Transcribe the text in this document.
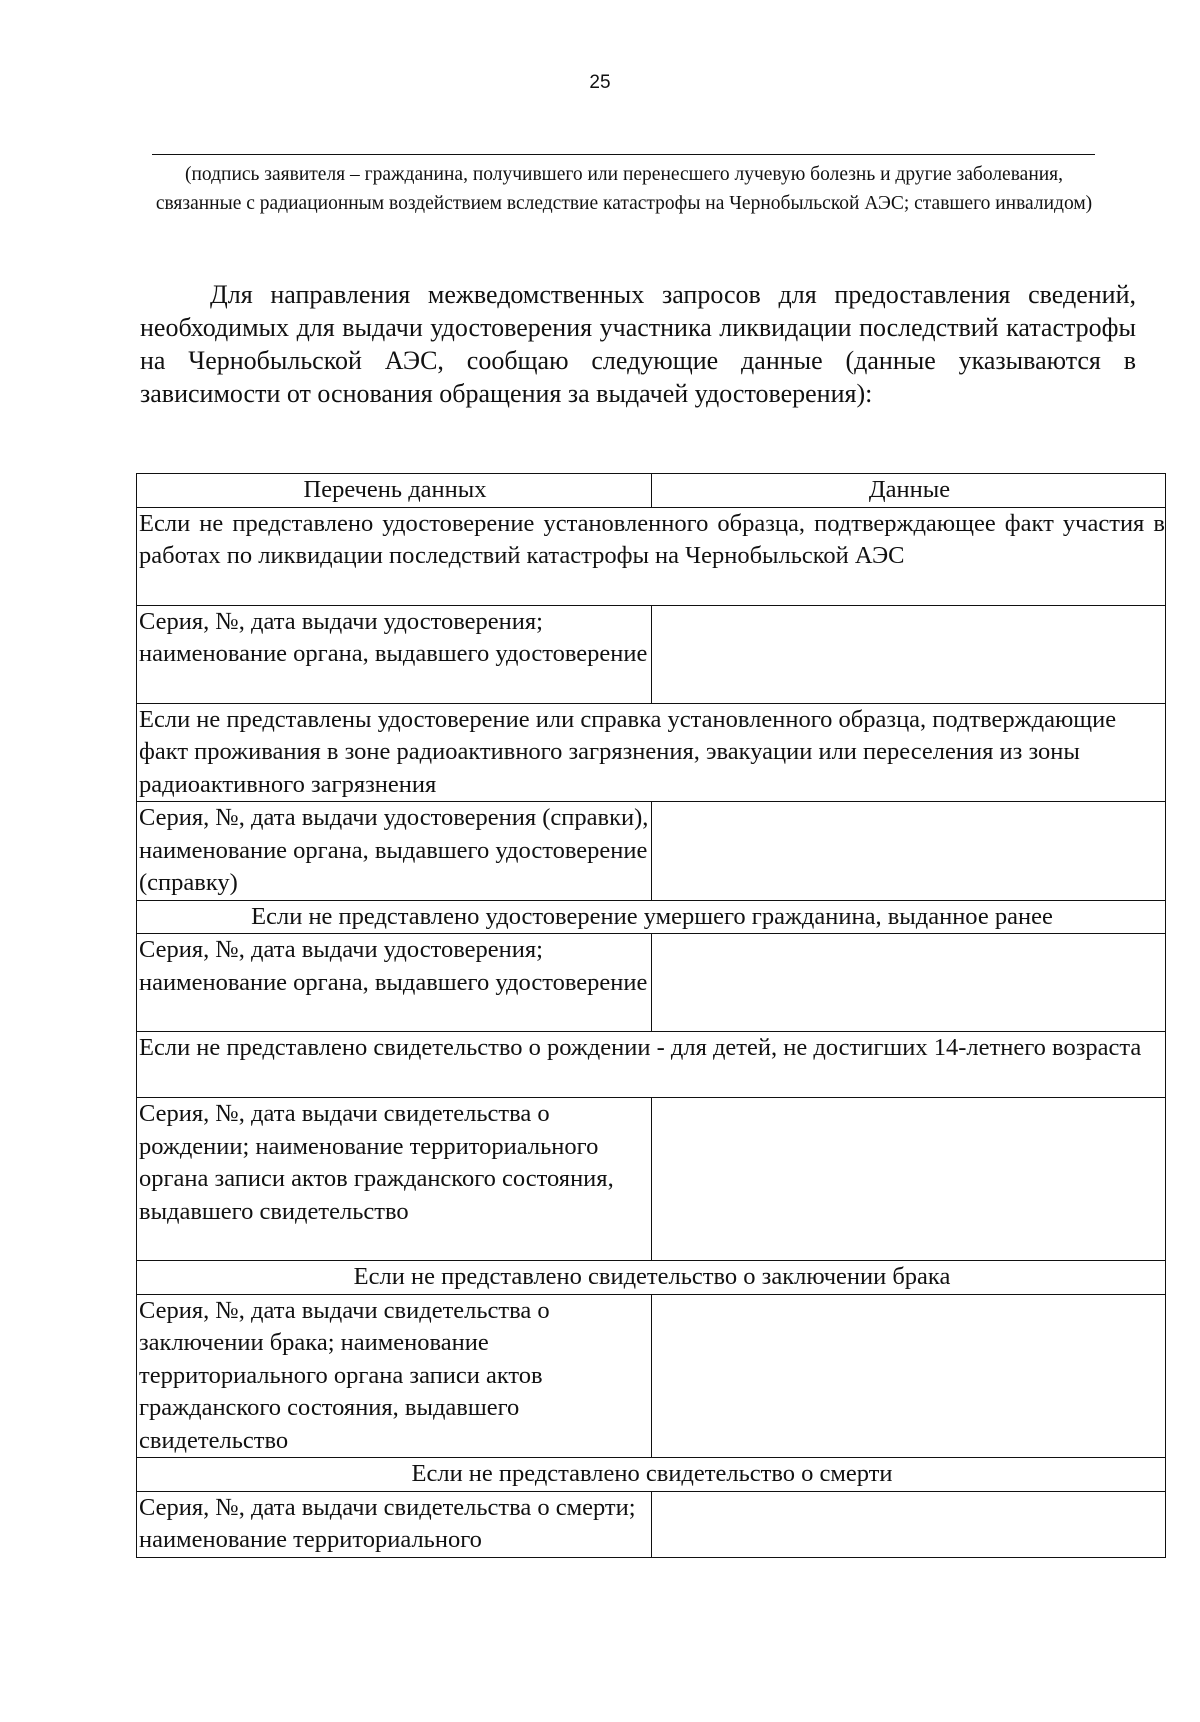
25
(подпись заявителя – гражданина, получившего или перенесшего лучевую болезнь и другие заболевания, связанные с радиационным воздействием вследствие катастрофы на Чернобыльской АЭС; ставшего инвалидом)

Для направления межведомственных запросов для предоставления сведений, необходимых для выдачи удостоверения участника ликвидации последствий катастрофы на Чернобыльской АЭС, сообщаю следующие данные (данные указываются в зависимости от основания обращения за выдачей удостоверения):

Перечень данных	Данные
Если не представлено удостоверение установленного образца, подтверждающее факт участия в работах по ликвидации последствий катастрофы на Чернобыльской АЭС	
Серия, №, дата выдачи удостоверения; наименование органа, выдавшего удостоверение	
Если не представлены удостоверение или справка установленного образца, подтверждающие факт проживания в зоне радиоактивного загрязнения, эвакуации или переселения из зоны радиоактивного загрязнения	
Серия, №, дата выдачи удостоверения (справки), наименование органа, выдавшего удостоверение (справку)	
Если не представлено удостоверение умершего гражданина, выданное ранее	
Серия, №, дата выдачи удостоверения; наименование органа, выдавшего удостоверение	
Если не представлено свидетельство о рождении - для детей, не достигших 14-летнего возраста	
Серия, №, дата выдачи свидетельства о рождении; наименование территориального органа записи актов гражданского состояния, выдавшего свидетельство	
Если не представлено свидетельство о заключении брака	
Серия, №, дата выдачи свидетельства о заключении брака; наименование территориального органа записи актов гражданского состояния, выдавшего свидетельство	
Если не представлено свидетельство о смерти	
Серия, №, дата выдачи свидетельства о смерти; наименование территориального	
